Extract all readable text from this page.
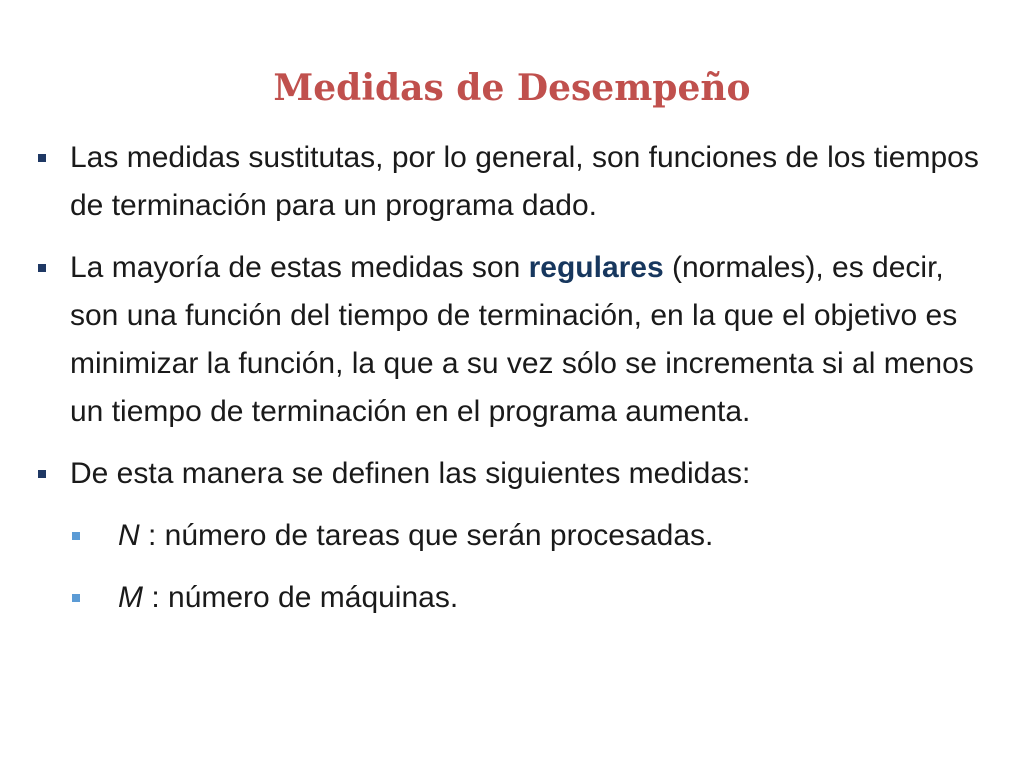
Medidas de Desempeño
Las medidas sustitutas, por lo general, son funciones de los tiempos de terminación para un programa dado.
La mayoría de estas medidas son regulares (normales), es decir, son una función del tiempo de terminación, en la que el objetivo es minimizar la función, la que a su vez sólo se incrementa si al menos un tiempo de terminación en el programa aumenta.
De esta manera se definen las siguientes medidas:
N : número de tareas que serán procesadas.
M : número de máquinas.
